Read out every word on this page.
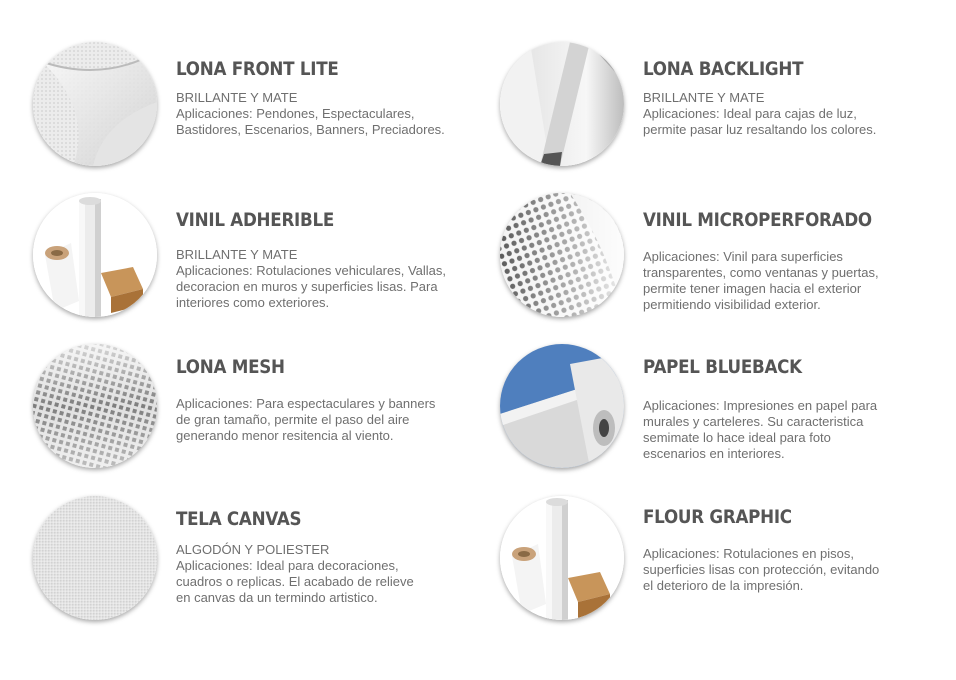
LONA FRONT LITE
BRILLANTE Y MATE
Aplicaciones: Pendones, Espectaculares,
Bastidores, Escenarios, Banners, Preciadores.
LONA BACKLIGHT
BRILLANTE Y MATE
Aplicaciones: Ideal para cajas de luz,
permite pasar luz resaltando los colores.
VINIL ADHERIBLE
BRILLANTE Y MATE
Aplicaciones: Rotulaciones vehiculares, Vallas,
decoracion en muros y superficies lisas. Para
interiores como exteriores.
VINIL MICROPERFORADO
Aplicaciones: Vinil para superficies
transparentes, como ventanas y puertas,
permite tener imagen hacia el exterior
permitiendo visibilidad exterior.
LONA MESH
Aplicaciones: Para espectaculares y banners
de gran tamaño, permite el paso del aire
generando menor resitencia al viento.
PAPEL BLUEBACK
Aplicaciones: Impresiones en papel para
murales y carteleres. Su caracteristica
semimate lo hace ideal para foto
escenarios en interiores.
TELA CANVAS
ALGODÓN Y POLIESTER
Aplicaciones: Ideal para decoraciones,
cuadros o replicas. El acabado de relieve
en canvas da un termindo artistico.
FLOUR GRAPHIC
Aplicaciones: Rotulaciones en pisos,
superficies lisas con protección, evitando
el deterioro de la impresión.
